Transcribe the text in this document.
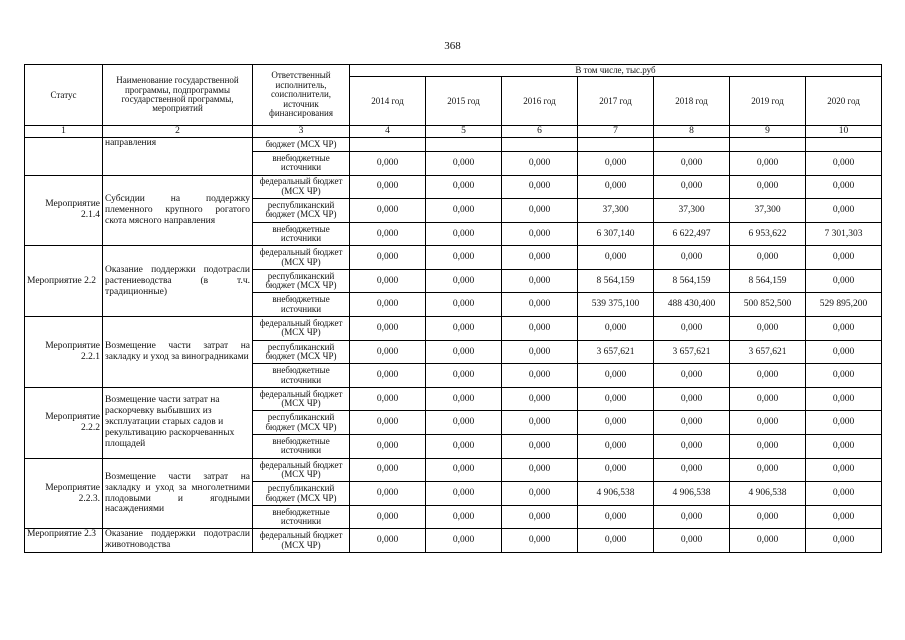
368
Статус	Наименование государственной программы, подпрограммы государственной программы, мероприятий	Ответственный исполнитель, соисполнители, источник финансирования	В том числе, тыс.руб						
			2014 год	2015 год	2016 год	2017 год	2018 год	2019 год	2020 год
1	2	3	4	5	6	7	8	9	10
	направления	бюджет (МСХ ЧР)							
		внебюджетные источники	0,000	0,000	0,000	0,000	0,000	0,000	0,000
Мероприятие 2.1.4	Субсидии на поддержку племенного крупного рогатого скота мясного направления	федеральный бюджет (МСХ ЧР)	0,000	0,000	0,000	0,000	0,000	0,000	0,000
		республиканский бюджет (МСХ ЧР)	0,000	0,000	0,000	37,300	37,300	37,300	0,000
		внебюджетные источники	0,000	0,000	0,000	6 307,140	6 622,497	6 953,622	7 301,303
Мероприятие 2.2	Оказание поддержки подотрасли растениеводства (в т.ч. традиционные)	федеральный бюджет (МСХ ЧР)	0,000	0,000	0,000	0,000	0,000	0,000	0,000
		республиканский бюджет (МСХ ЧР)	0,000	0,000	0,000	8 564,159	8 564,159	8 564,159	0,000
		внебюджетные источники	0,000	0,000	0,000	539 375,100	488 430,400	500 852,500	529 895,200
Мероприятие 2.2.1	Возмещение части затрат на закладку и уход за виноградниками	федеральный бюджет (МСХ ЧР)	0,000	0,000	0,000	0,000	0,000	0,000	0,000
		республиканский бюджет (МСХ ЧР)	0,000	0,000	0,000	3 657,621	3 657,621	3 657,621	0,000
		внебюджетные источники	0,000	0,000	0,000	0,000	0,000	0,000	0,000
Мероприятие 2.2.2	Возмещение части затрат на раскорчевку выбывших из эксплуатации старых садов и рекультивацию раскорчеванных площадей	федеральный бюджет (МСХ ЧР)	0,000	0,000	0,000	0,000	0,000	0,000	0,000
		республиканский бюджет (МСХ ЧР)	0,000	0,000	0,000	0,000	0,000	0,000	0,000
		внебюджетные источники	0,000	0,000	0,000	0,000	0,000	0,000	0,000
Мероприятие 2.2.3.	Возмещение части затрат на закладку и уход за многолетними плодовыми и ягодными насаждениями	федеральный бюджет (МСХ ЧР)	0,000	0,000	0,000	0,000	0,000	0,000	0,000
		республиканский бюджет (МСХ ЧР)	0,000	0,000	0,000	4 906,538	4 906,538	4 906,538	0,000
		внебюджетные источники	0,000	0,000	0,000	0,000	0,000	0,000	0,000
Мероприятие 2.3	Оказание поддержки подотрасли животноводства	федеральный бюджет (МСХ ЧР)	0,000	0,000	0,000	0,000	0,000	0,000	0,000
